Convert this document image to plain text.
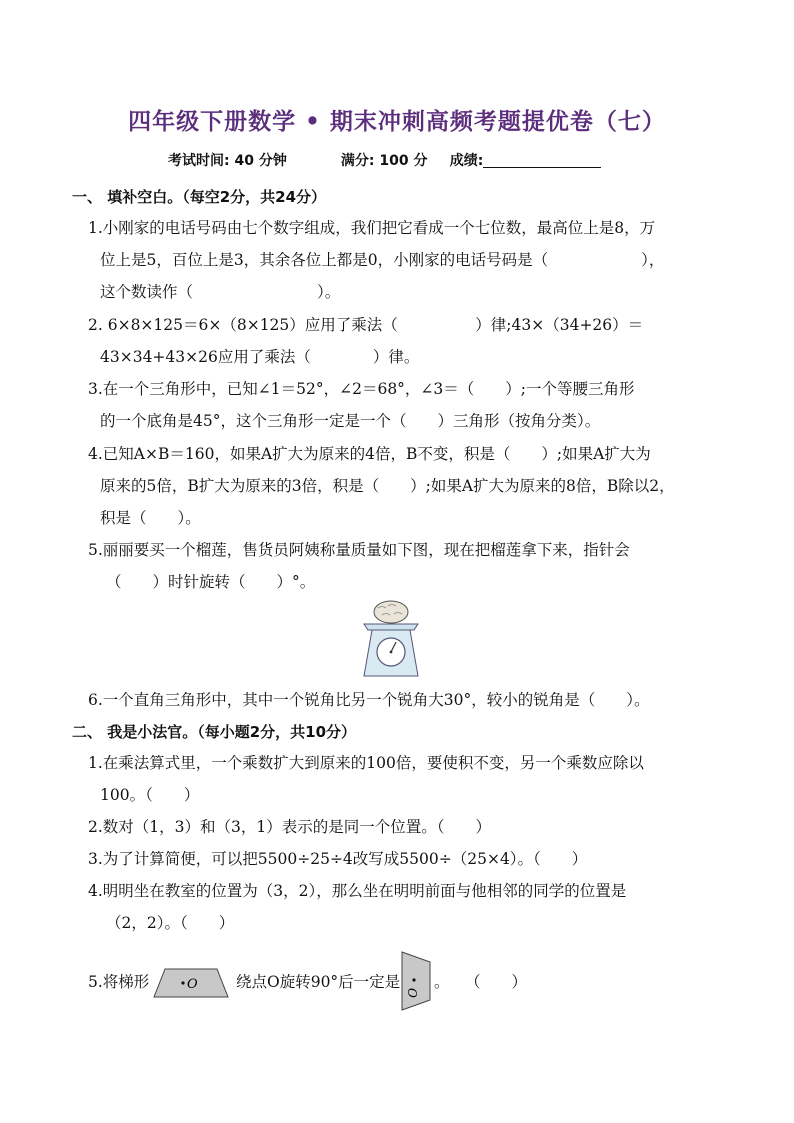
四年级下册数学 • 期末冲刺高频考题提优卷（七）
考试时间: 40 分钟	满分: 100 分 成绩:
一、 填补空白。（每空2分，共24分）
1.小刚家的电话号码由七个数字组成，我们把它看成一个七位数，最高位上是8，万
位上是5，百位上是3，其余各位上都是0，小刚家的电话号码是（　　　　　　），
这个数读作（　　　　　　　　）。
2. 6×8×125＝6×（8×125）应用了乘法（　　　　　）律;43×（34+26）＝
43×34+43×26应用了乘法（　　　　）律。
3.在一个三角形中，已知∠1＝52°，∠2＝68°，∠3＝（　　）;一个等腰三角形
的一个底角是45°，这个三角形一定是一个（　　）三角形（按角分类）。
4.已知A×B＝160，如果A扩大为原来的4倍，B不变，积是（　　）;如果A扩大为
原来的5倍，B扩大为原来的3倍，积是（　　）;如果A扩大为原来的8倍，B除以2，
积是（　　）。
5.丽丽要买一个榴莲，售货员阿姨称量质量如下图，现在把榴莲拿下来，指针会
（　　）时针旋转（　　）°。
6.一个直角三角形中，其中一个锐角比另一个锐角大30°，较小的锐角是（　　）。
二、 我是小法官。（每小题2分，共10分）
1.在乘法算式里，一个乘数扩大到原来的100倍，要使积不变，另一个乘数应除以
100。（　　）
2.数对（1，3）和（3，1）表示的是同一个位置。（　　）
3.为了计算简便，可以把5500÷25÷4改写成5500÷（25×4）。（　　）
4.明明坐在教室的位置为（3，2），那么坐在明明前面与他相邻的同学的位置是
（2，2）。（　　）
5.将梯形	O 绕点O旋转90°后一定是
O
。　　（　　）
